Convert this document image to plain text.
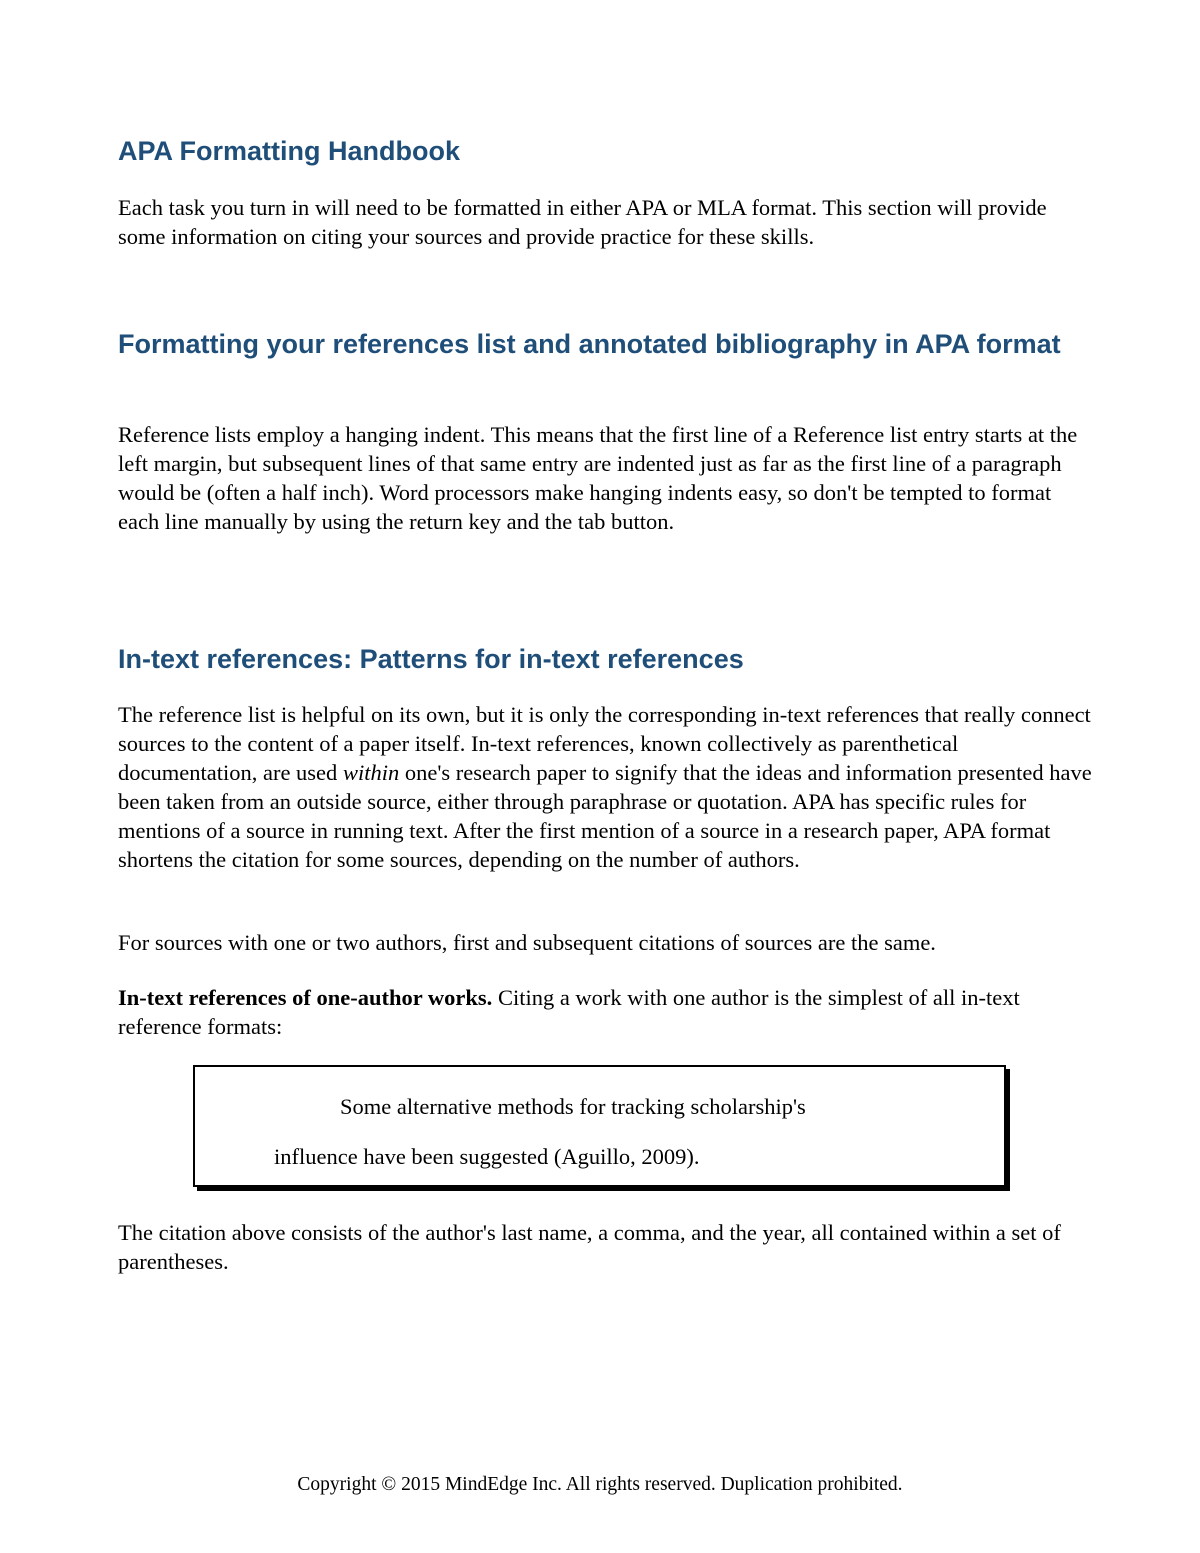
APA Formatting Handbook

Each task you turn in will need to be formatted in either APA or MLA format. This section will provide some information on citing your sources and provide practice for these skills.

Formatting your references list and annotated bibliography in APA format

Reference lists employ a hanging indent. This means that the first line of a Reference list entry starts at the left margin, but subsequent lines of that same entry are indented just as far as the first line of a paragraph would be (often a half inch). Word processors make hanging indents easy, so don't be tempted to format each line manually by using the return key and the tab button.

In-text references: Patterns for in-text references

The reference list is helpful on its own, but it is only the corresponding in-text references that really connect sources to the content of a paper itself. In-text references, known collectively as parenthetical documentation, are used within one's research paper to signify that the ideas and information presented have been taken from an outside source, either through paraphrase or quotation. APA has specific rules for mentions of a source in running text. After the first mention of a source in a research paper, APA format shortens the citation for some sources, depending on the number of authors.

For sources with one or two authors, first and subsequent citations of sources are the same.

In-text references of one-author works. Citing a work with one author is the simplest of all in-text reference formats:

Some alternative methods for tracking scholarship's
influence have been suggested (Aguillo, 2009).

The citation above consists of the author's last name, a comma, and the year, all contained within a set of parentheses.

Copyright © 2015 MindEdge Inc. All rights reserved. Duplication prohibited.
